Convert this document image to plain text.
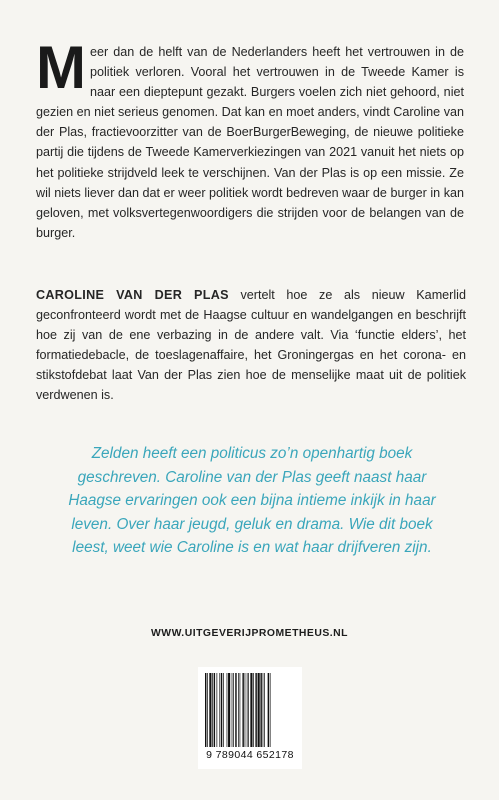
Meer dan de helft van de Nederlanders heeft het vertrouwen in de politiek verloren. Vooral het vertrouwen in de Tweede Kamer is naar een dieptepunt gezakt. Burgers voelen zich niet gehoord, niet gezien en niet serieus genomen. Dat kan en moet anders, vindt Caroline van der Plas, fractievoorzitter van de BoerBurgerBeweging, de nieuwe politieke partij die tijdens de Tweede Kamerverkiezingen van 2021 vanuit het niets op het politieke strijdveld leek te verschijnen. Van der Plas is op een missie. Ze wil niets liever dan dat er weer politiek wordt bedreven waar de burger in kan geloven, met volksvertegenwoordigers die strijden voor de belangen van de burger.
CAROLINE VAN DER PLAS vertelt hoe ze als nieuw Kamerlid geconfronteerd wordt met de Haagse cultuur en wandelgangen en beschrijft hoe zij van de ene verbazing in de andere valt. Via ‘functie elders’, het formatiedebacle, de toeslagenaffaire, het Groningergas en het corona- en stikstofdebat laat Van der Plas zien hoe de menselijke maat uit de politiek verdwenen is.
Zelden heeft een politicus zo’n openhartig boek geschreven. Caroline van der Plas geeft naast haar Haagse ervaringen ook een bijna intieme inkijk in haar leven. Over haar jeugd, geluk en drama. Wie dit boek leest, weet wie Caroline is en wat haar drijfveren zijn.
WWW.UITGEVERIJPROMETHEUS.NL
9 789044 652178
